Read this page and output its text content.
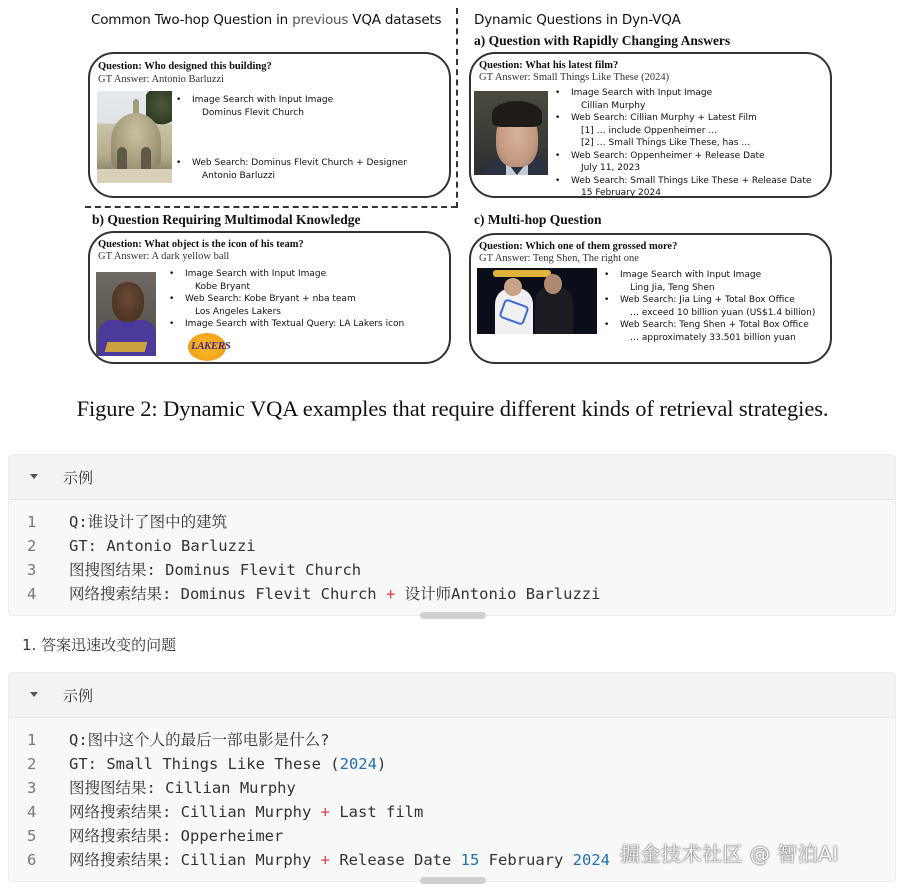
Common Two-hop Question in previous VQA datasets Dynamic Questions in Dyn-VQA
Question: Who designed this building?
GT Answer: Antonio Barluzzi
• Image Search with Input Image
Dominus Flevit Church
• Web Search: Dominus Flevit Church + Designer
Antonio Barluzzi
a) Question with Rapidly Changing Answers
Question: What his latest film?
GT Answer: Small Things Like These (2024)
• Image Search with Input Image
Cillian Murphy
• Web Search: Cillian Murphy + Latest Film
[1] … include Oppenheimer …
[2] … Small Things Like These, has …
• Web Search: Oppenheimer + Release Date
July 11, 2023
• Web Search: Small Things Like These + Release Date
15 February 2024
b) Question Requiring Multimodal Knowledge
Question: What object is the icon of his team?
GT Answer: A dark yellow ball
• Image Search with Input Image
Kobe Bryant
• Web Search: Kobe Bryant + nba team
Los Angeles Lakers
• Image Search with Textual Query: LA Lakers icon
LAKERS
c) Multi-hop Question
Question: Which one of them grossed more?
GT Answer: Teng Shen, The right one
• Image Search with Input Image
Ling Jia, Teng Shen
• Web Search: Jia Ling + Total Box Office
… exceed 10 billion yuan (US$1.4 billion)
• Web Search: Teng Shen + Total Box Office
… approximately 33.501 billion yuan
Figure 2: Dynamic VQA examples that require different kinds of retrieval strategies.
示例
1	Q:谁设计了图中的建筑
2	GT: Antonio Barluzzi
3	图搜图结果: Dominus Flevit Church
4	网络搜索结果: Dominus Flevit Church + 设计师Antonio Barluzzi
1. 答案迅速改变的问题
示例
1	Q:图中这个人的最后一部电影是什么?
2	GT: Small Things Like These (2024)
3	图搜图结果: Cillian Murphy
4	网络搜索结果: Cillian Murphy + Last film
5	网络搜索结果: Opperheimer
6	网络搜索结果: Cillian Murphy + Release Date 15 February 2024 掘金技术社区 @ 智泊AI
